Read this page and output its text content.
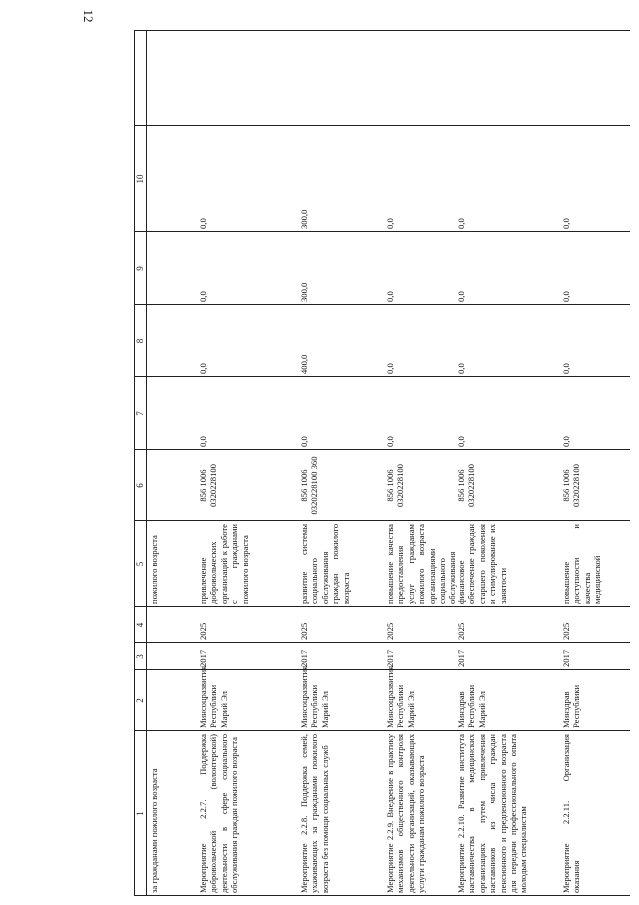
12
1
2
3
4
5
6
7
8
9
10
за гражданами пожилого возраста
пожилого возраста
Мероприятие 2.2.7. Поддержка добровольческой (волонтерской) деятельности в сфере социального обслуживания граждан пожилого возраста
Минсоцразвития Республики Марий Эл
2017
2025
привлечение добровольческих организаций к работе с гражданами пожилого возраста
856 1006 0320228100
0,0
0,0
0,0
0,0
Мероприятие 2.2.8. Поддержка семей, ухаживающих за гражданами пожилого возраста без помощи социальных служб
Минсоцразвития Республики Марий Эл
2017
2025
развитие системы социального обслуживания граждан пожилого возраста
856 1006 0320228100 360
0,0
400,0
300,0
300,0
Мероприятие 2.2.9. Внедрение в практику механизмов общественного контроля деятельности организаций, оказывающих услуги гражданам пожилого возраста
Минсоцразвития Республики Марий Эл
2017
2025
повышение качества предоставления услуг гражданам пожилого возраста организациями социального обслуживания
856 1006 0320228100
0,0
0,0
0,0
0,0
Мероприятие 2.2.10. Развитие института наставничества в медицинских организациях путем привлечения наставников из числа граждан пенсионного и предпенсионного возраста для передачи профессионального опыта молодым специалистам
Минздрав Республики Марий Эл
2017
2025
финансовое обеспечение граждан старшего поколения и стимулирование их занятости
856 1006 0320228100
0,0
0,0
0,0
0,0
Мероприятие 2.2.11. Организация оказания
Минздрав Республики
2017
2025
повышение доступности и качества медицинской
856 1006 0320228100
0,0
0,0
0,0
0,0
